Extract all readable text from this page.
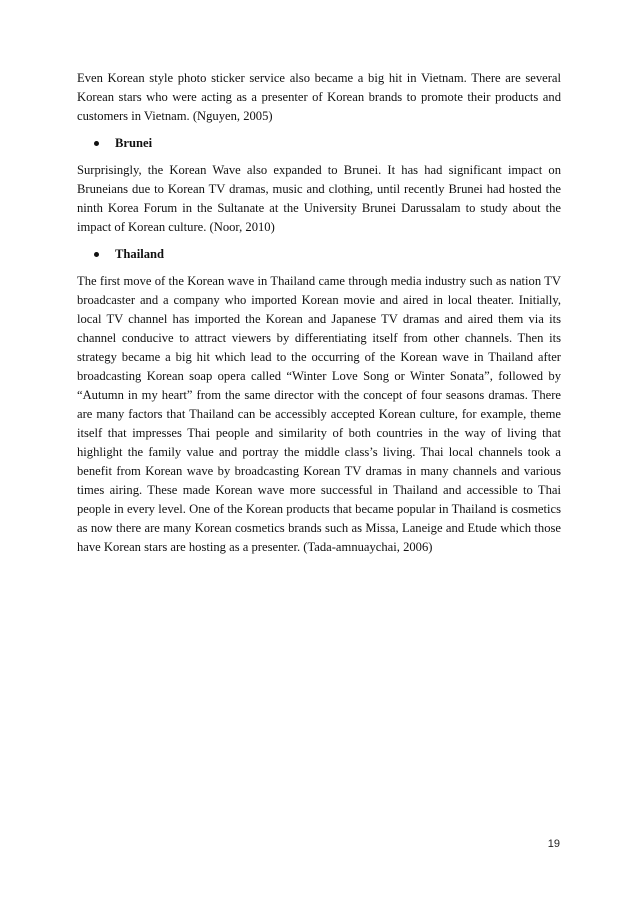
Even Korean style photo sticker service also became a big hit in Vietnam. There are several Korean stars who were acting as a presenter of Korean brands to promote their products and customers in Vietnam. (Nguyen, 2005)

Brunei

Surprisingly, the Korean Wave also expanded to Brunei. It has had significant impact on Bruneians due to Korean TV dramas, music and clothing, until recently Brunei had hosted the ninth Korea Forum in the Sultanate at the University Brunei Darussalam to study about the impact of Korean culture. (Noor, 2010)

Thailand

The first move of the Korean wave in Thailand came through media industry such as nation TV broadcaster and a company who imported Korean movie and aired in local theater. Initially, local TV channel has imported the Korean and Japanese TV dramas and aired them via its channel conducive to attract viewers by differentiating itself from other channels. Then its strategy became a big hit which lead to the occurring of the Korean wave in Thailand after broadcasting Korean soap opera called “Winter Love Song or Winter Sonata”, followed by “Autumn in my heart” from the same director with the concept of four seasons dramas. There are many factors that Thailand can be accessibly accepted Korean culture, for example, theme itself that impresses Thai people and similarity of both countries in the way of living that highlight the family value and portray the middle class’s living. Thai local channels took a benefit from Korean wave by broadcasting Korean TV dramas in many channels and various times airing. These made Korean wave more successful in Thailand and accessible to Thai people in every level. One of the Korean products that became popular in Thailand is cosmetics as now there are many Korean cosmetics brands such as Missa, Laneige and Etude which those have Korean stars are hosting as a presenter. (Tada-amnuaychai, 2006)

19
